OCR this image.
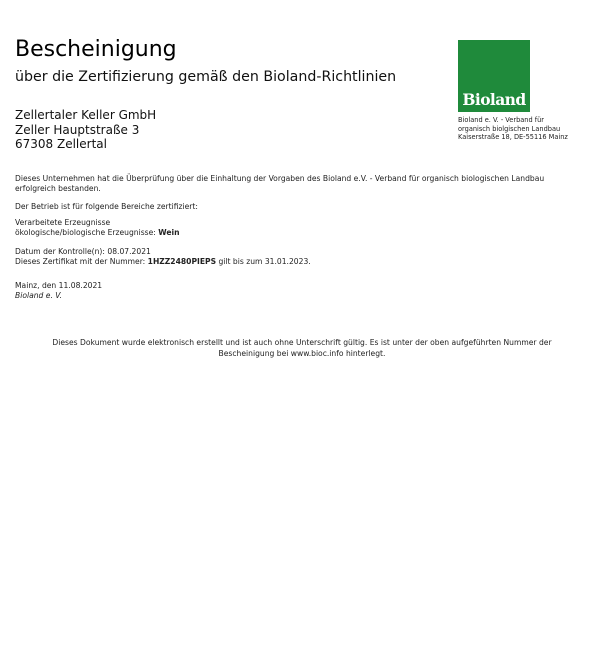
Bescheinigung
über die Zertifizierung gemäß den Bioland-Richtlinien
Zellertaler Keller GmbH
Zeller Hauptstraße 3
67308 Zellertal
Bioland
Bioland e. V. - Verband für
organisch biolgischen Landbau
Kaiserstraße 18, DE-55116 Mainz
Dieses Unternehmen hat die Überprüfung über die Einhaltung der Vorgaben des Bioland e.V. - Verband für organisch biologischen Landbau
erfolgreich bestanden.
Der Betrieb ist für folgende Bereiche zertifiziert:
Verarbeitete Erzeugnisse
ökologische/biologische Erzeugnisse: Wein
Datum der Kontrolle(n): 08.07.2021
Dieses Zertifikat mit der Nummer: 1HZZ2480PIEPS gilt bis zum 31.01.2023.
Mainz, den 11.08.2021
Bioland e. V.
Dieses Dokument wurde elektronisch erstellt und ist auch ohne Unterschrift gültig. Es ist unter der oben aufgeführten Nummer der
Bescheinigung bei www.bioc.info hinterlegt.
